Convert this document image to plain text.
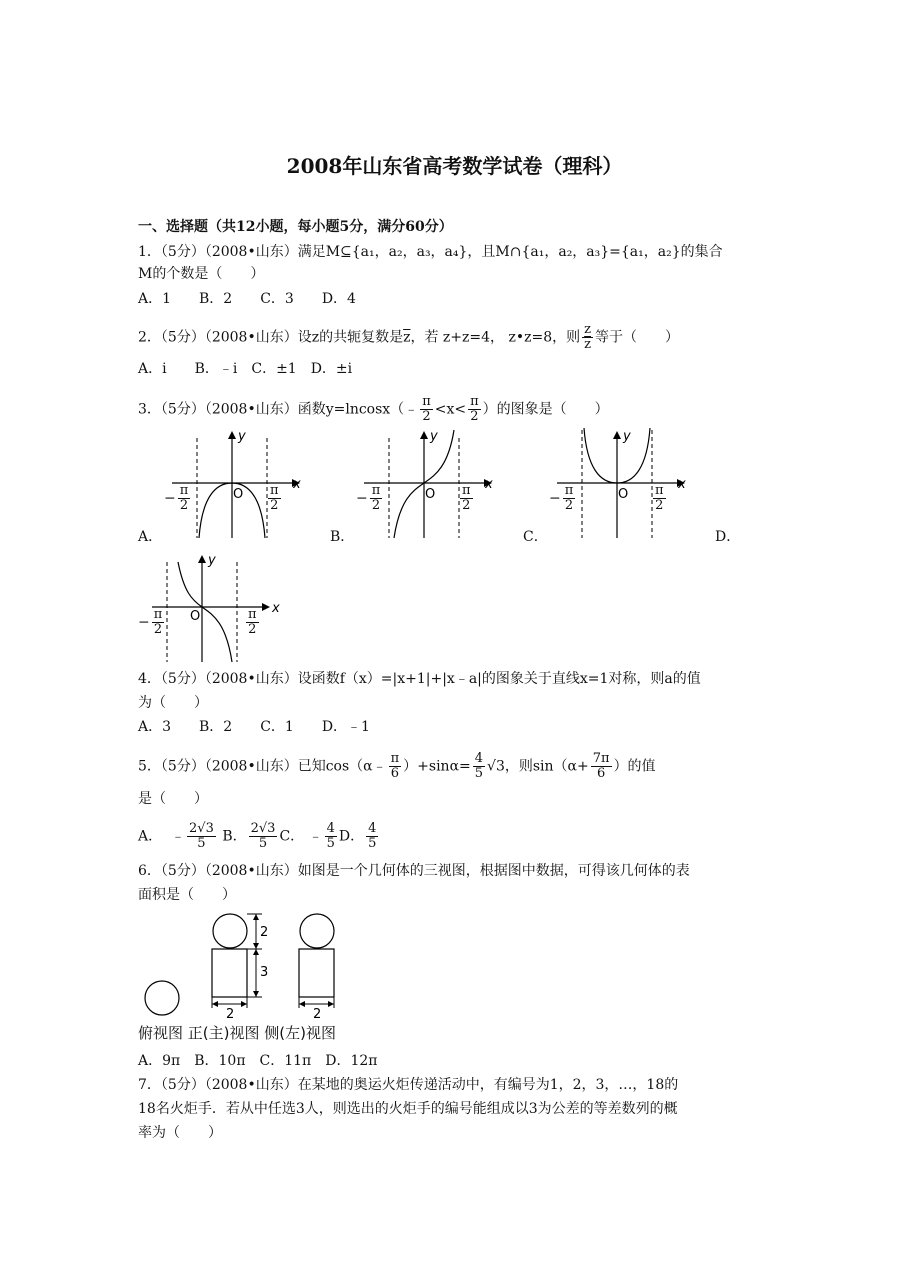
2008年山东省高考数学试卷（理科）
一、选择题（共12小题，每小题5分，满分60分）
1．（5分）（2008•山东）满足M⊆{a₁，a₂，a₃，a₄}，且M∩{a₁，a₂，a₃}={a₁，a₂}的集合
M的个数是（　　）
A．1　　B．2　　C．3　　D．4
2．（5分）（2008•山东）设z的共轭复数是$\overline{z}$，若 z+z=4， z•z=8，则 $\frac{z}{z}$ 等于（　　）
A．i　　B．﹣i　C．±1　D．±i
3．（5分）（2008•山东）函数y=lncosx（﹣ $\frac{\pi}{2} <x< \frac{\pi}{2}$ ）的图象是（　　）
x
y
O
x
y
O
x
y
O
− $\frac{\pi}{2}$	$\frac{\pi}{2}$	− $\frac{\pi}{2}$	$\frac{\pi}{2}$	− $\frac{\pi}{2}$	$\frac{\pi}{2}$
A．	B．	C．	D．
x
y
O
− $\frac{\pi}{2}$	$\frac{\pi}{2}$
4．（5分）（2008•山东）设函数f（x）=|x+1|+|x﹣a|的图象关于直线x=1对称，则a的值
为（　　）
A．3　　B．2　　C．1　　D．﹣1
5．（5分）（2008•山东）已知cos（α﹣ $\frac{\pi}{6} )+\sin\alpha= \frac{4}{5} √3$，则$\sin(\alpha+ \frac{7\pi}{6}$ ）的值
是（　　）
A． ﹣ $\frac{2√3}{5}$ B． $\frac{2√3}{5}$ C． ﹣ $\frac{4}{5}$ D． $\frac{4}{5}$
6．（5分）（2008•山东）如图是一个几何体的三视图，根据图中数据，可得该几何体的表
面积是（　　）
2
3
2	2
俯视图 正(主)视图 侧(左)视图
A．9π　B．10π　C．11π　D．12π
7．（5分）（2008•山东）在某地的奥运火炬传递活动中，有编号为1，2，3，…，18的
18名火炬手．若从中任选3人，则选出的火炬手的编号能组成以3为公差的等差数列的概
率为（　　）
